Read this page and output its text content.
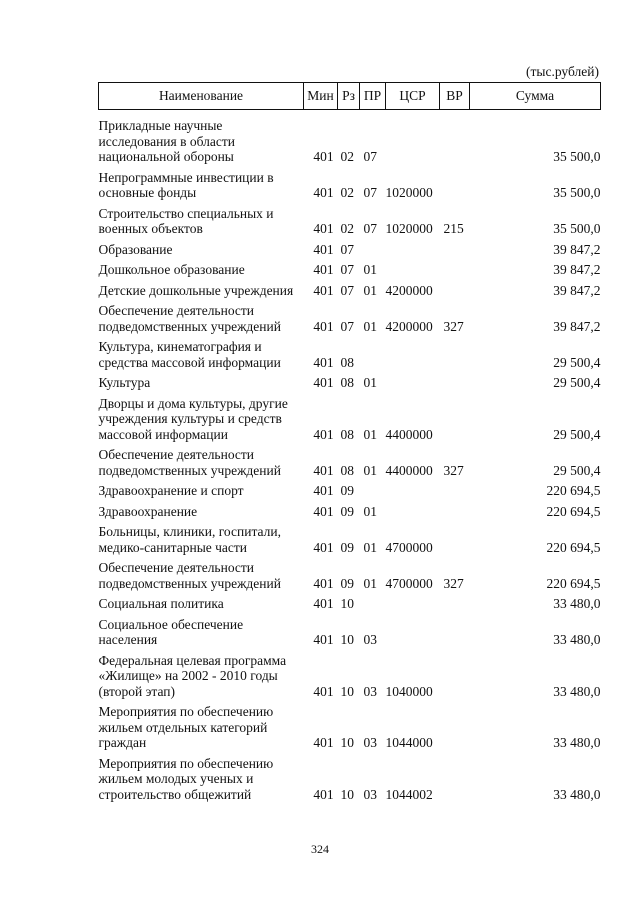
(тыс.рублей)
Наименование	Мин	Рз	ПР	ЦСР	ВР	Сумма
Прикладные научные исследования в области национальной обороны	401	02	07			35 500,0
Непрограммные инвестиции в основные фонды	401	02	07	1020000		35 500,0
Строительство специальных и военных объектов	401	02	07	1020000	215	35 500,0
Образование	401	07				39 847,2
Дошкольное образование	401	07	01			39 847,2
Детские дошкольные учреждения	401	07	01	4200000		39 847,2
Обеспечение деятельности подведомственных учреждений	401	07	01	4200000	327	39 847,2
Культура, кинематография и средства массовой информации	401	08				29 500,4
Культура	401	08	01			29 500,4
Дворцы и дома культуры, другие учреждения культуры и средств массовой информации	401	08	01	4400000		29 500,4
Обеспечение деятельности подведомственных учреждений	401	08	01	4400000	327	29 500,4
Здравоохранение и спорт	401	09				220 694,5
Здравоохранение	401	09	01			220 694,5
Больницы, клиники, госпитали, медико-санитарные части	401	09	01	4700000		220 694,5
Обеспечение деятельности подведомственных учреждений	401	09	01	4700000	327	220 694,5
Социальная политика	401	10				33 480,0
Социальное обеспечение населения	401	10	03			33 480,0
Федеральная целевая программа «Жилище» на 2002 - 2010 годы (второй этап)	401	10	03	1040000		33 480,0
Мероприятия по обеспечению жильем отдельных категорий граждан	401	10	03	1044000		33 480,0
Мероприятия по обеспечению жильем молодых ученых и строительство общежитий	401	10	03	1044002		33 480,0
324
